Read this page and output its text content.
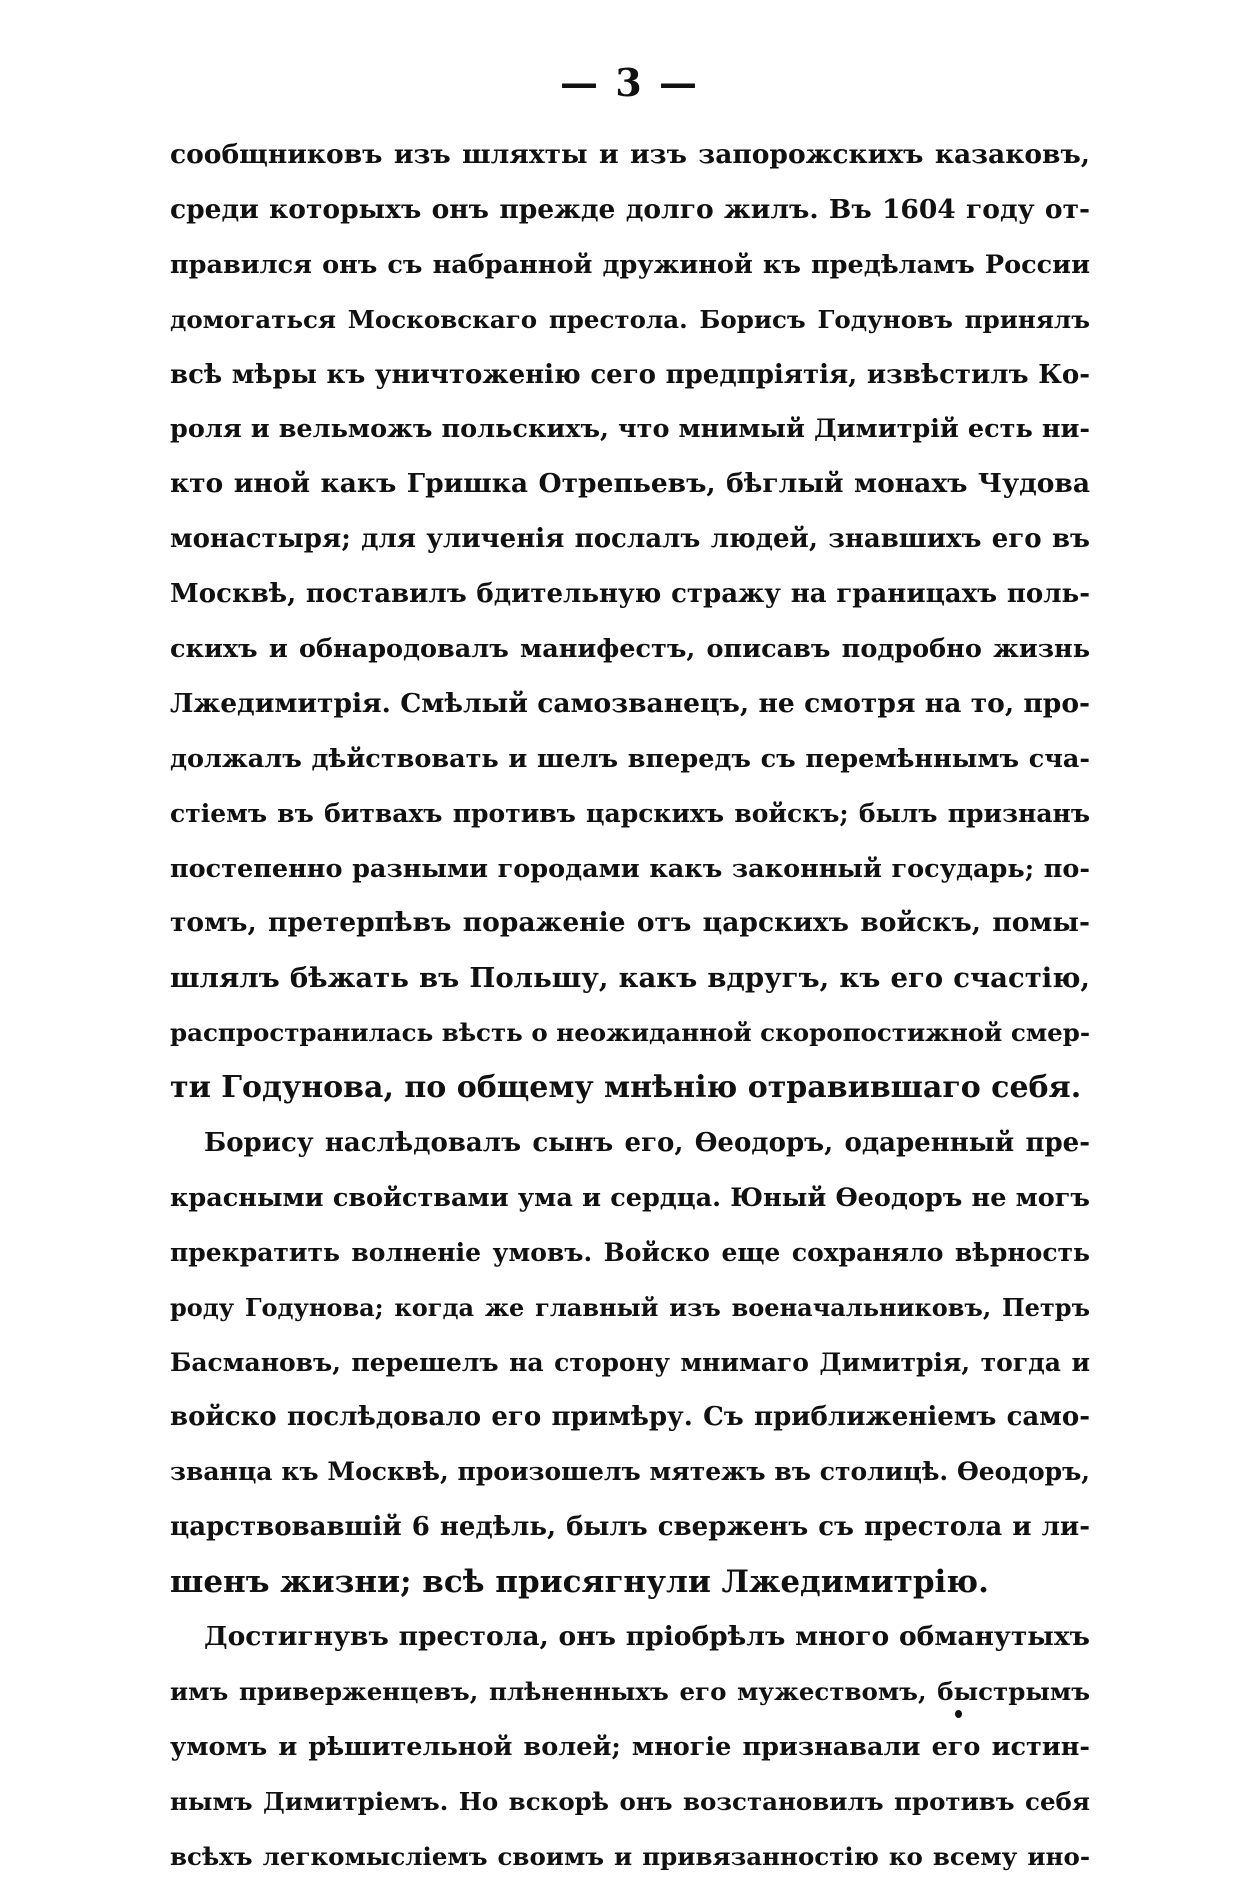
— 3 —
сообщниковъ изъ шляхты и изъ запорожскихъ казаковъ,
среди которыхъ онъ прежде долго жилъ. Въ 1604 году от-
правился онъ съ набранной дружиной къ предѣламъ России
домогаться Московскаго престола. Борисъ Годуновъ принялъ
всѣ мѣры къ уничтоженiю сего предпрiятiя, извѣстилъ Ко-
роля и вельможъ польскихъ, что мнимый Димитрiй есть ни-
кто иной какъ Гришка Отрепьевъ, бѣглый монахъ Чудова
монастыря; для уличенiя послалъ людей, знавшихъ его въ
Москвѣ, поставилъ бдительную стражу на границахъ поль-
скихъ и обнародовалъ манифестъ, описавъ подробно жизнь
Лжедимитрiя. Смѣлый самозванецъ, не смотря на то, про-
должалъ дѣйствовать и шелъ впередъ съ перемѣннымъ сча-
стiемъ въ битвахъ противъ царскихъ войскъ; былъ признанъ
постепенно разными городами какъ законный государь; по-
томъ, претерпѣвъ пораженiе отъ царскихъ войскъ, помы-
шлялъ бѣжать въ Польшу, какъ вдругъ, къ его счастiю,
распространилась вѣсть о неожиданной скоропостижной смер-
ти Годунова, по общему мнѣнiю отравившаго себя.
Борису наслѣдовалъ сынъ его, Ѳеодоръ, одаренный пре-
красными свойствами ума и сердца. Юный Ѳеодоръ не могъ
прекратить волненiе умовъ. Войско еще сохраняло вѣрность
роду Годунова; когда же главный изъ военачальниковъ, Петръ
Басмановъ, перешелъ на сторону мнимаго Димитрiя, тогда и
войско послѣдовало его примѣру. Съ приближенiемъ само-
званца къ Москвѣ, произошелъ мятежъ въ столицѣ. Ѳеодоръ,
царствовавшiй 6 недѣль, былъ сверженъ съ престола и ли-
шенъ жизни; всѣ присягнули Лжедимитрiю.
Достигнувъ престола, онъ прiобрѣлъ много обманутыхъ
имъ приверженцевъ, плѣненныхъ его мужествомъ, быстрымъ
умомъ и рѣшительной волей; многiе признавали его истин-
нымъ Димитрiемъ. Но вскорѣ онъ возстановилъ противъ себя
всѣхъ легкомыслiемъ своимъ и привязанностiю ко всему ино-
